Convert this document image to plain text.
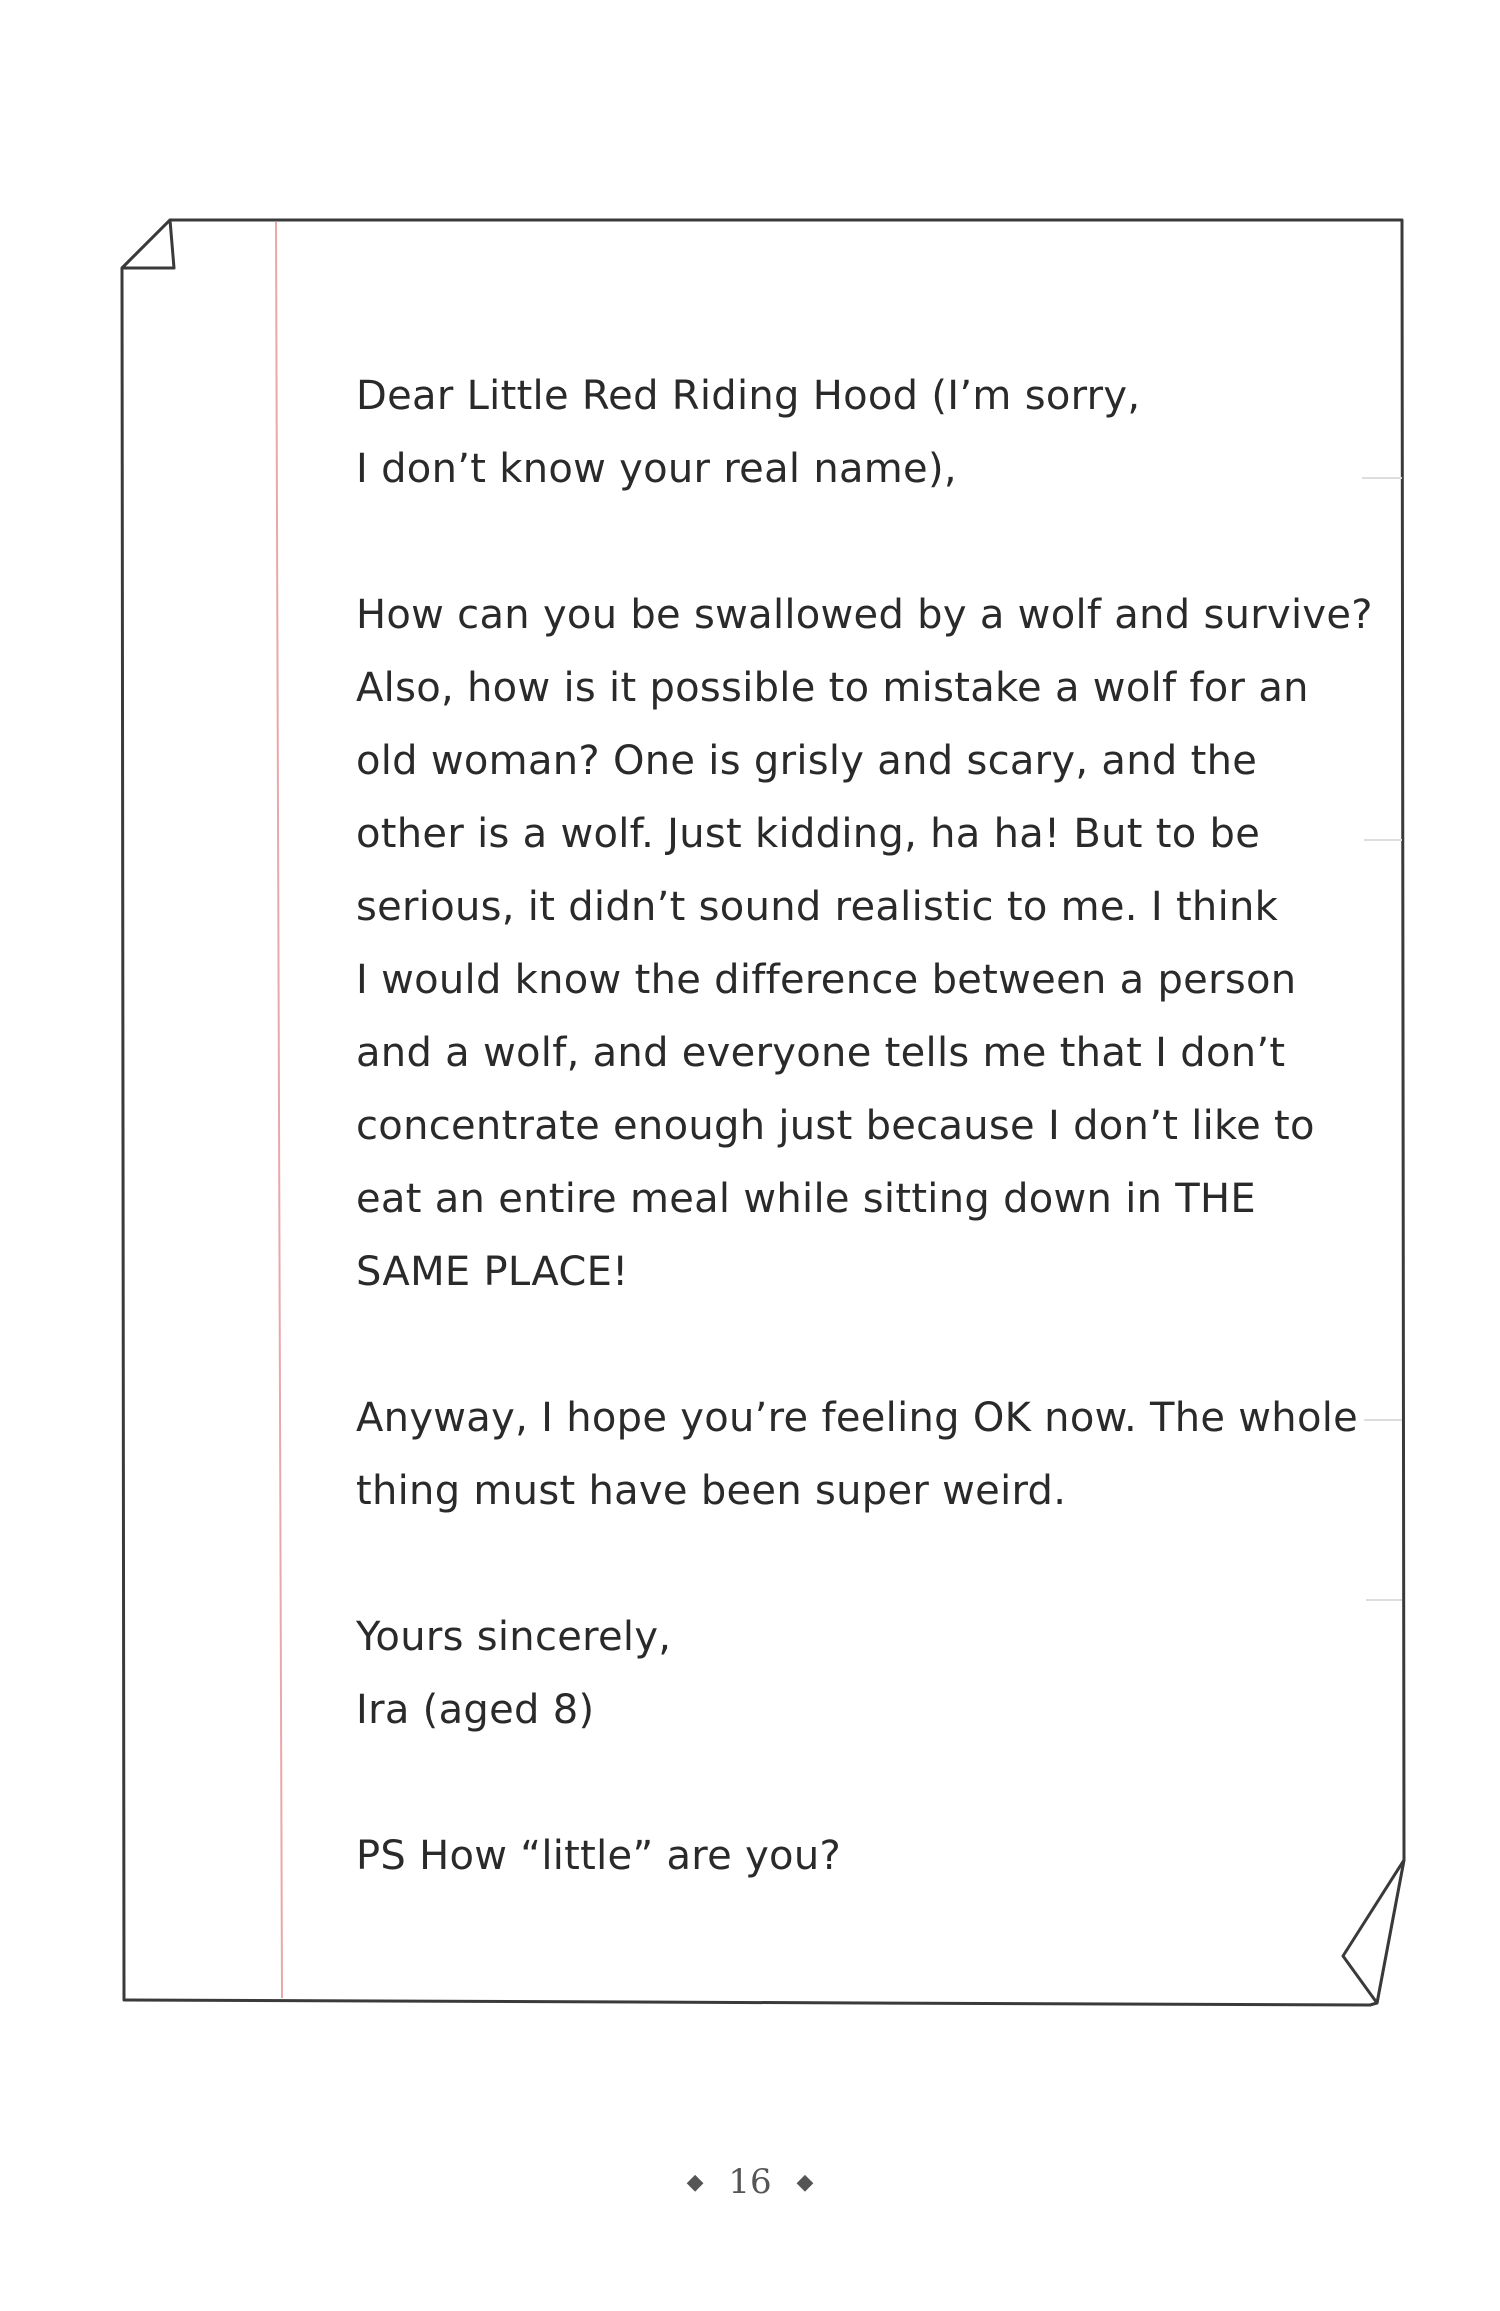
Dear Little Red Riding Hood (I’m sorry,
I don’t know your real name),
How can you be swallowed by a wolf and survive?
Also, how is it possible to mistake a wolf for an
old woman? One is grisly and scary, and the
other is a wolf. Just kidding, ha ha! But to be
serious, it didn’t sound realistic to me. I think
I would know the difference between a person
and a wolf, and everyone tells me that I don’t
concentrate enough just because I don’t like to
eat an entire meal while sitting down in THE
SAME PLACE!
Anyway, I hope you’re feeling OK now. The whole
thing must have been super weird.
Yours sincerely,
Ira (aged 8)
PS How “little” are you?
◆ 16 ◆
